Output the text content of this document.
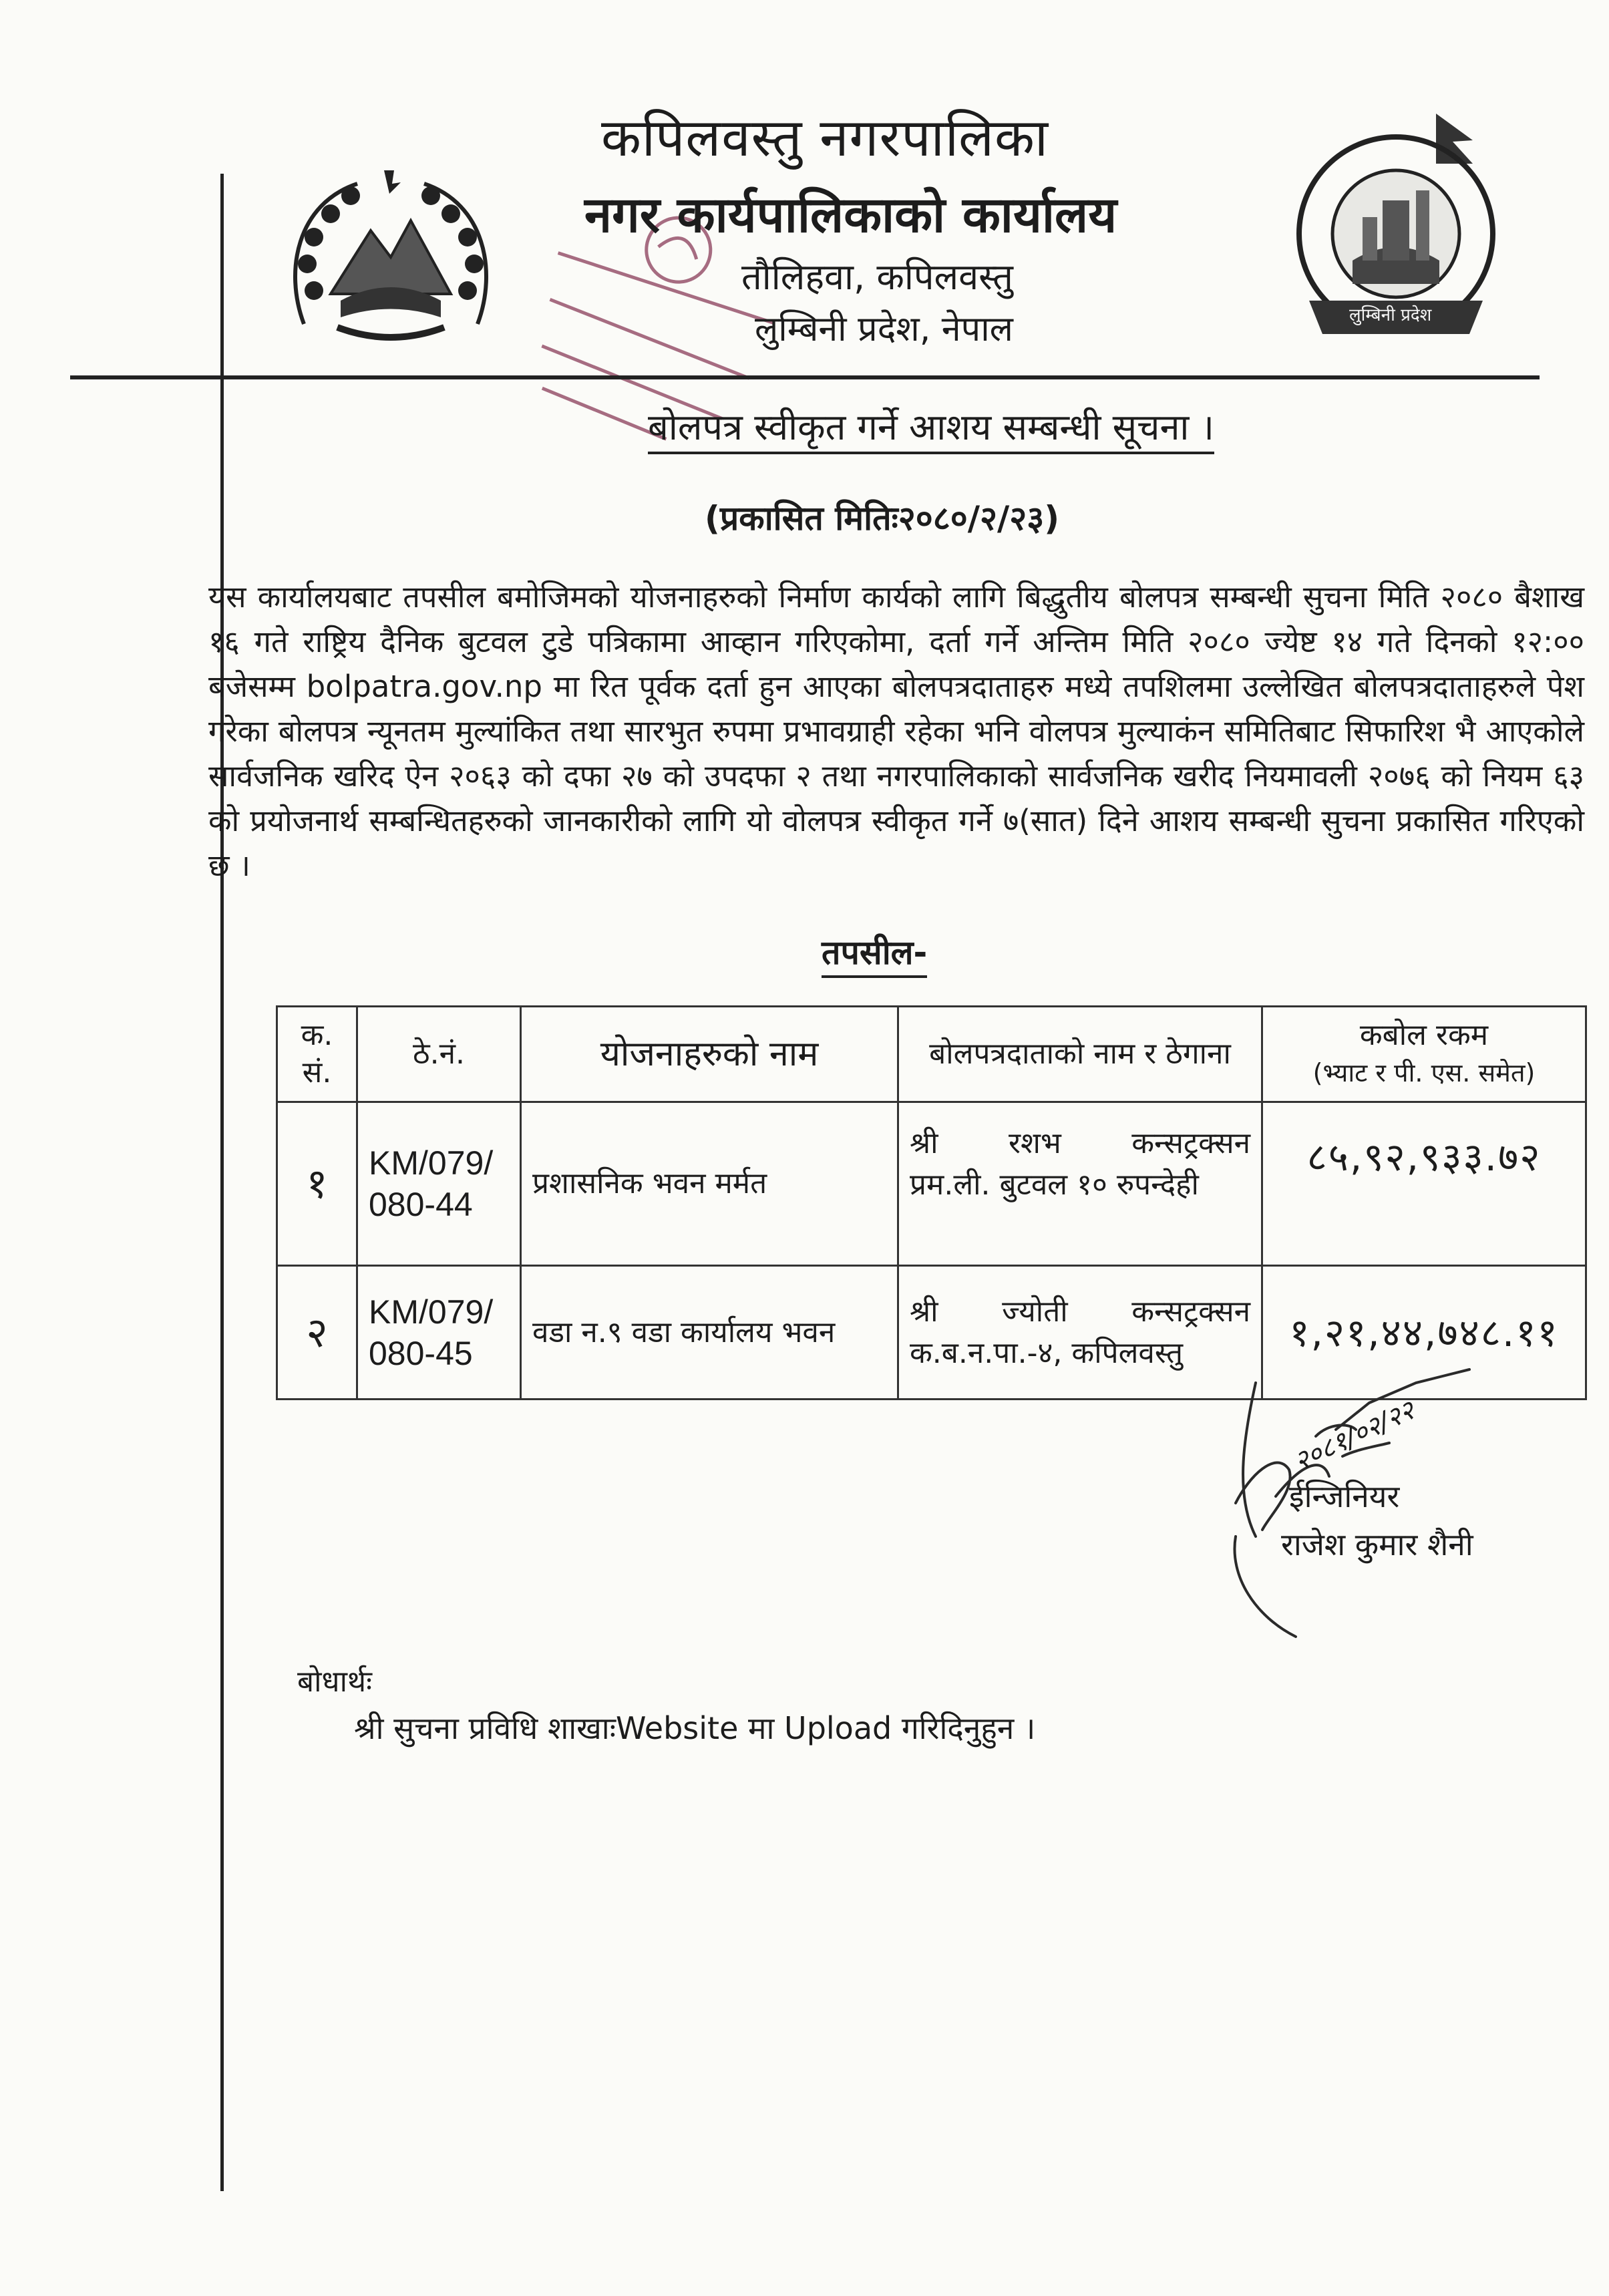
लुम्बिनी प्रदेश
कपिलवस्तु नगरपालिका
नगर कार्यपालिकाको कार्यालय
तौलिहवा, कपिलवस्तु
लुम्बिनी प्रदेश, नेपाल
बोलपत्र स्वीकृत गर्ने आशय सम्बन्धी सूचना ।
(प्रकासित मितिः२०८०/२/२३)
यस कार्यालयबाट तपसील बमोजिमको योजनाहरुको निर्माण कार्यको लागि बिद्धुतीय बोलपत्र सम्बन्धी सुचना मिति २०८० बैशाख १६ गते राष्ट्रिय दैनिक बुटवल टुडे पत्रिकामा आव्हान गरिएकोमा, दर्ता गर्ने अन्तिम मिति २०८० ज्येष्ट १४ गते दिनको १२:०० बजेसम्म bolpatra.gov.np मा रित पूर्वक दर्ता हुन आएका बोलपत्रदाताहरु मध्ये तपशिलमा उल्लेखित बोलपत्रदाताहरुले पेश गरेका बोलपत्र न्यूनतम मुल्यांकित तथा सारभुत रुपमा प्रभावग्राही रहेका भनि वोलपत्र मुल्याकंन समितिबाट सिफारिश भै आएकोले सार्वजनिक खरिद ऐन २०६३ को दफा २७ को उपदफा २ तथा नगरपालिकाको सार्वजनिक खरीद नियमावली २०७६ को नियम ६३ को प्रयोजनार्थ सम्बन्धितहरुको जानकारीको लागि यो वोलपत्र स्वीकृत गर्ने ७(सात) दिने आशय सम्बन्धी सुचना प्रकासित गरिएको छ ।
तपसील-
क. सं.	ठे.नं.	योजनाहरुको नाम	बोलपत्रदाताको नाम र ठेगाना	कबोल रकम
(भ्याट र पी. एस. समेत)

१	KM/079/ 080-44	प्रशासनिक भवन मर्मत	श्री रशभ कन्सट्रक्सन
प्रम.ली. बुटवल १० रुपन्देही	८५,९२,९३३.७२
२	KM/079/ 080-45	वडा न.९ वडा कार्यालय भवन	श्री ज्योती कन्सट्रक्सन
क.ब.न.पा.-४, कपिलवस्तु	१,२१,४४,७४८.११
२०८१/०२/२२
ईन्जिनियर
राजेश कुमार शैनी
बोधार्थः
श्री सुचना प्रविधि शाखाःWebsite मा Upload गरिदिनुहुन ।
